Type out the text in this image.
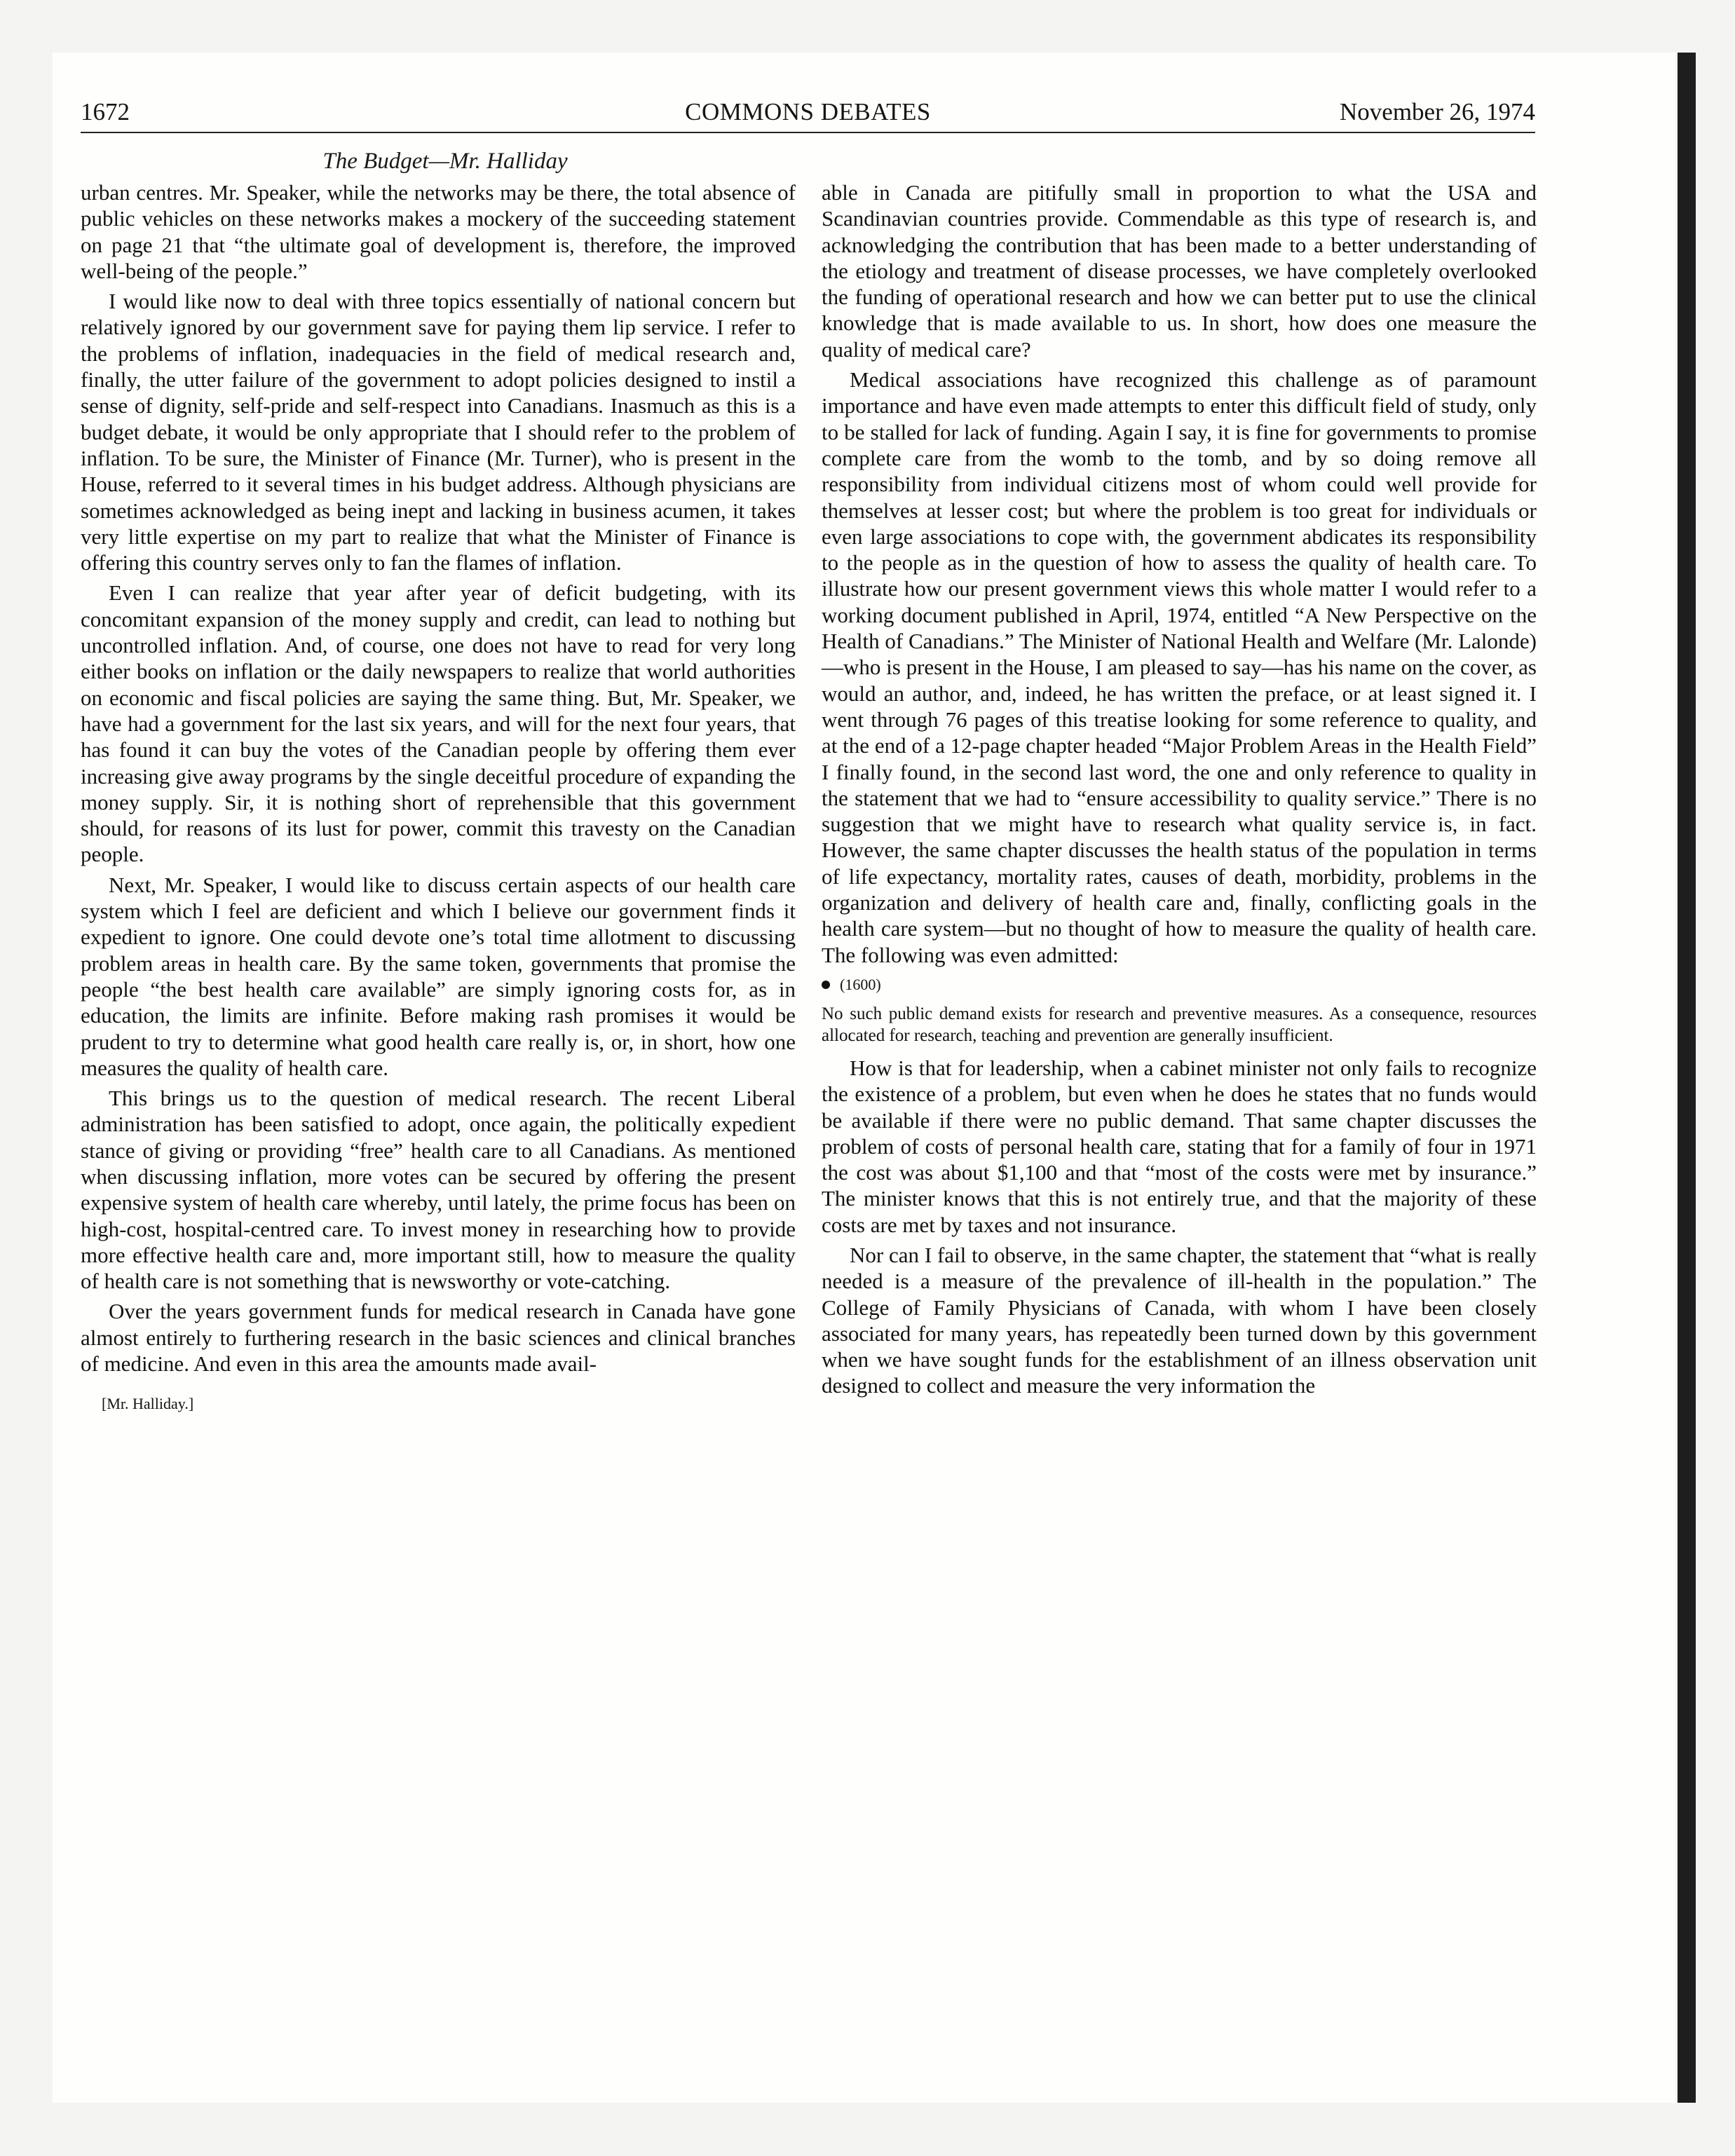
1672	COMMONS DEBATES	November 26, 1974
The Budget—Mr. Halliday

urban centres. Mr. Speaker, while the networks may be there, the total absence of public vehicles on these networks makes a mockery of the succeeding statement on page 21 that “the ultimate goal of development is, therefore, the improved well-being of the people.”

I would like now to deal with three topics essentially of national concern but relatively ignored by our government save for paying them lip service. I refer to the problems of inflation, inadequacies in the field of medical research and, finally, the utter failure of the government to adopt policies designed to instil a sense of dignity, self-pride and self-respect into Canadians. Inasmuch as this is a budget debate, it would be only appropriate that I should refer to the problem of inflation. To be sure, the Minister of Finance (Mr. Turner), who is present in the House, referred to it several times in his budget address. Although physicians are sometimes acknowledged as being inept and lacking in business acumen, it takes very little expertise on my part to realize that what the Minister of Finance is offering this country serves only to fan the flames of inflation.

Even I can realize that year after year of deficit budgeting, with its concomitant expansion of the money supply and credit, can lead to nothing but uncontrolled inflation. And, of course, one does not have to read for very long either books on inflation or the daily newspapers to realize that world authorities on economic and fiscal policies are saying the same thing. But, Mr. Speaker, we have had a government for the last six years, and will for the next four years, that has found it can buy the votes of the Canadian people by offering them ever increasing give away programs by the single deceitful procedure of expanding the money supply. Sir, it is nothing short of reprehensible that this government should, for reasons of its lust for power, commit this travesty on the Canadian people.

Next, Mr. Speaker, I would like to discuss certain aspects of our health care system which I feel are deficient and which I believe our government finds it expedient to ignore. One could devote one’s total time allotment to discussing problem areas in health care. By the same token, governments that promise the people “the best health care available” are simply ignoring costs for, as in education, the limits are infinite. Before making rash promises it would be prudent to try to determine what good health care really is, or, in short, how one measures the quality of health care.

This brings us to the question of medical research. The recent Liberal administration has been satisfied to adopt, once again, the politically expedient stance of giving or providing “free” health care to all Canadians. As mentioned when discussing inflation, more votes can be secured by offering the present expensive system of health care whereby, until lately, the prime focus has been on high-cost, hospital-centred care. To invest money in researching how to provide more effective health care and, more important still, how to measure the quality of health care is not something that is newsworthy or vote-catching.

Over the years government funds for medical research in Canada have gone almost entirely to furthering research in the basic sciences and clinical branches of medicine. And even in this area the amounts made avail-

[Mr. Halliday.]

able in Canada are pitifully small in proportion to what the USA and Scandinavian countries provide. Commendable as this type of research is, and acknowledging the contribution that has been made to a better understanding of the etiology and treatment of disease processes, we have completely overlooked the funding of operational research and how we can better put to use the clinical knowledge that is made available to us. In short, how does one measure the quality of medical care?

Medical associations have recognized this challenge as of paramount importance and have even made attempts to enter this difficult field of study, only to be stalled for lack of funding. Again I say, it is fine for governments to promise complete care from the womb to the tomb, and by so doing remove all responsibility from individual citizens most of whom could well provide for themselves at lesser cost; but where the problem is too great for individuals or even large associations to cope with, the government abdicates its responsibility to the people as in the question of how to assess the quality of health care. To illustrate how our present government views this whole matter I would refer to a working document published in April, 1974, entitled “A New Perspective on the Health of Canadians.” The Minister of National Health and Welfare (Mr. Lalonde)—who is present in the House, I am pleased to say—has his name on the cover, as would an author, and, indeed, he has written the preface, or at least signed it. I went through 76 pages of this treatise looking for some reference to quality, and at the end of a 12-page chapter headed “Major Problem Areas in the Health Field” I finally found, in the second last word, the one and only reference to quality in the statement that we had to “ensure accessibility to quality service.” There is no suggestion that we might have to research what quality service is, in fact. However, the same chapter discusses the health status of the population in terms of life expectancy, mortality rates, causes of death, morbidity, problems in the organization and delivery of health care and, finally, conflicting goals in the health care system—but no thought of how to measure the quality of health care. The following was even admitted:

(1600)

No such public demand exists for research and preventive measures. As a consequence, resources allocated for research, teaching and prevention are generally insufficient.

How is that for leadership, when a cabinet minister not only fails to recognize the existence of a problem, but even when he does he states that no funds would be available if there were no public demand. That same chapter discusses the problem of costs of personal health care, stating that for a family of four in 1971 the cost was about $1,100 and that “most of the costs were met by insurance.” The minister knows that this is not entirely true, and that the majority of these costs are met by taxes and not insurance.

Nor can I fail to observe, in the same chapter, the statement that “what is really needed is a measure of the prevalence of ill-health in the population.” The College of Family Physicians of Canada, with whom I have been closely associated for many years, has repeatedly been turned down by this government when we have sought funds for the establishment of an illness observation unit designed to collect and measure the very information the
